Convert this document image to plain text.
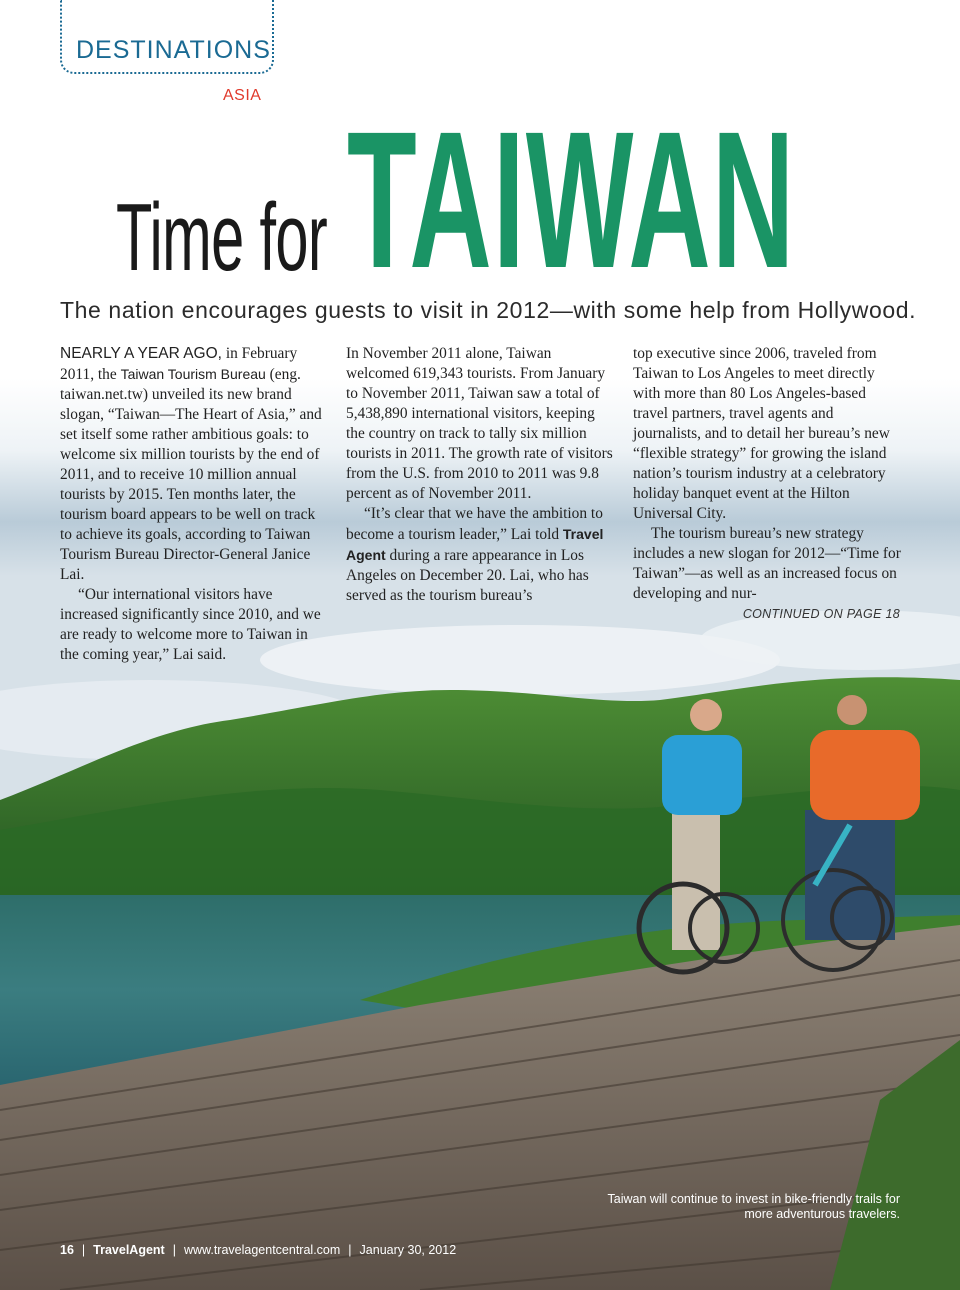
DESTINATIONS
ASIA
Time for TAIWAN
The nation encourages guests to visit in 2012—with some help from Hollywood.

NEARLY A YEAR AGO, in February 2011, the Taiwan Tourism Bureau (eng. taiwan.net.tw) unveiled its new brand slogan, “Taiwan—The Heart of Asia,” and set itself some rather ambitious goals: to welcome six million tourists by the end of 2011, and to receive 10 million annual tourists by 2015. Ten months later, the tourism board appears to be well on track to achieve its goals, according to Taiwan Tourism Bureau Director-General Janice Lai.

“Our international visitors have increased significantly since 2010, and we are ready to welcome more to Taiwan in the coming year,” Lai said.

In November 2011 alone, Taiwan welcomed 619,343 tourists. From January to November 2011, Taiwan saw a total of 5,438,890 international visitors, keeping the country on track to tally six million tourists in 2011. The growth rate of visitors from the U.S. from 2010 to 2011 was 9.8 percent as of November 2011.

“It’s clear that we have the ambition to become a tourism leader,” Lai told Travel Agent during a rare appearance in Los Angeles on December 20. Lai, who has served as the tourism bureau’s

top executive since 2006, traveled from Taiwan to Los Angeles to meet directly with more than 80 Los Angeles-based travel partners, travel agents and journalists, and to detail her bureau’s new “flexible strategy” for growing the island nation’s tourism industry at a celebratory holiday banquet event at the Hilton Universal City.

The tourism bureau’s new strategy includes a new slogan for 2012—“Time for Taiwan”—as well as an increased focus on developing and nur-

CONTINUED ON PAGE 18
Taiwan will continue to invest in bike-friendly trails for more adventurous travelers.
16 | TravelAgent | www.travelagentcentral.com | January 30, 2012
